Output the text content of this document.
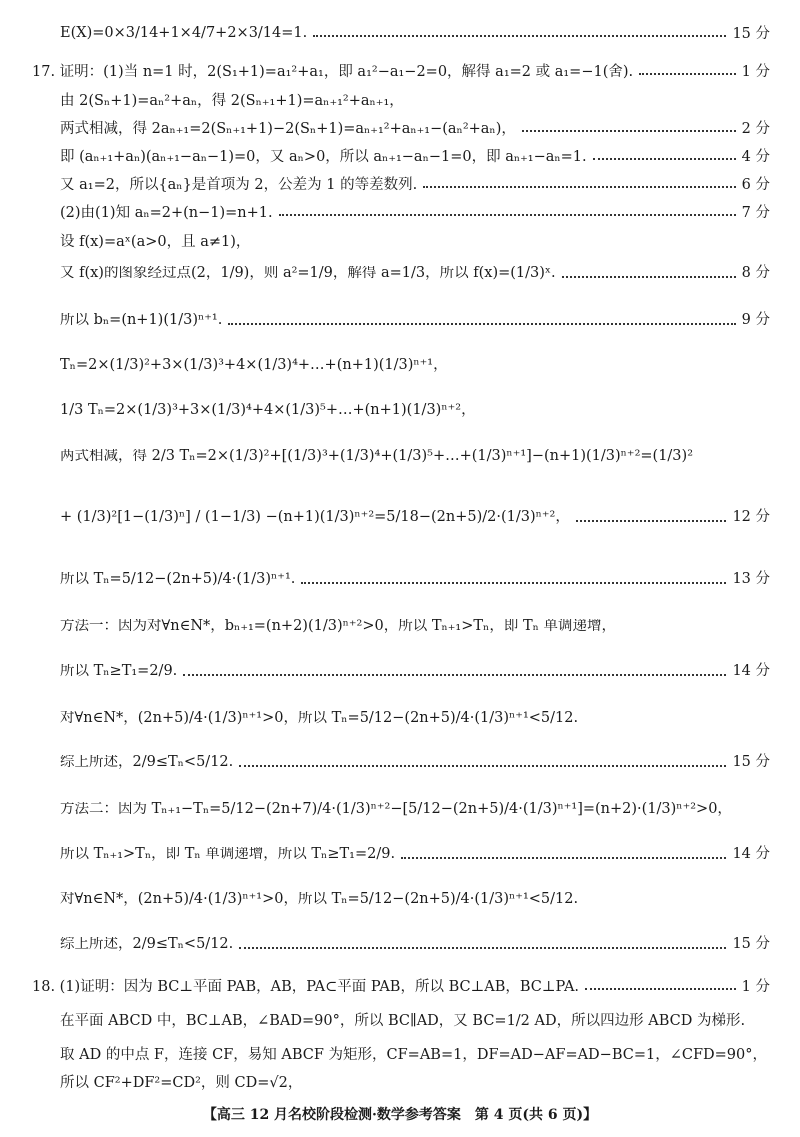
E(X)=0×3/14+1×4/7+2×3/14=1.	15 分
17. 证明：(1)当 n=1 时，2(S₁+1)=a₁²+a₁，即 a₁²−a₁−2=0，解得 a₁=2 或 a₁=−1(舍).	1 分
由 2(Sₙ+1)=aₙ²+aₙ，得 2(Sₙ₊₁+1)=aₙ₊₁²+aₙ₊₁，
两式相减，得 2aₙ₊₁=2(Sₙ₊₁+1)−2(Sₙ+1)=aₙ₊₁²+aₙ₊₁−(aₙ²+aₙ)，	2 分
即 (aₙ₊₁+aₙ)(aₙ₊₁−aₙ−1)=0，又 aₙ>0，所以 aₙ₊₁−aₙ−1=0，即 aₙ₊₁−aₙ=1.	4 分
又 a₁=2，所以{aₙ}是首项为 2，公差为 1 的等差数列.	6 分
(2)由(1)知 aₙ=2+(n−1)=n+1.	7 分
设 f(x)=aˣ(a>0，且 a≠1)，
又 f(x)的图象经过点(2，1/9)，则 a²=1/9，解得 a=1/3，所以 f(x)=(1/3)ˣ.	8 分
所以 bₙ=(n+1)(1/3)ⁿ⁺¹.	9 分
Tₙ=2×(1/3)²+3×(1/3)³+4×(1/3)⁴+…+(n+1)(1/3)ⁿ⁺¹，
1/3 Tₙ=2×(1/3)³+3×(1/3)⁴+4×(1/3)⁵+…+(n+1)(1/3)ⁿ⁺²，
两式相减，得 2/3 Tₙ=2×(1/3)²+[(1/3)³+(1/3)⁴+(1/3)⁵+…+(1/3)ⁿ⁺¹]−(n+1)(1/3)ⁿ⁺²=(1/3)²
+ (1/3)²[1−(1/3)ⁿ] / (1−1/3) −(n+1)(1/3)ⁿ⁺²=5/18−(2n+5)/2·(1/3)ⁿ⁺²，	12 分
所以 Tₙ=5/12−(2n+5)/4·(1/3)ⁿ⁺¹.	13 分
方法一：因为对∀n∈N*，bₙ₊₁=(n+2)(1/3)ⁿ⁺²>0，所以 Tₙ₊₁>Tₙ，即 Tₙ 单调递增，
所以 Tₙ≥T₁=2/9.	14 分
对∀n∈N*，(2n+5)/4·(1/3)ⁿ⁺¹>0，所以 Tₙ=5/12−(2n+5)/4·(1/3)ⁿ⁺¹<5/12.
综上所述，2/9≤Tₙ<5/12.	15 分
方法二：因为 Tₙ₊₁−Tₙ=5/12−(2n+7)/4·(1/3)ⁿ⁺²−[5/12−(2n+5)/4·(1/3)ⁿ⁺¹]=(n+2)·(1/3)ⁿ⁺²>0，
所以 Tₙ₊₁>Tₙ，即 Tₙ 单调递增，所以 Tₙ≥T₁=2/9.	14 分
对∀n∈N*，(2n+5)/4·(1/3)ⁿ⁺¹>0，所以 Tₙ=5/12−(2n+5)/4·(1/3)ⁿ⁺¹<5/12.
综上所述，2/9≤Tₙ<5/12.	15 分
18. (1)证明：因为 BC⊥平面 PAB，AB，PA⊂平面 PAB，所以 BC⊥AB，BC⊥PA.	1 分
在平面 ABCD 中，BC⊥AB，∠BAD=90°，所以 BC∥AD，又 BC=1/2 AD，所以四边形 ABCD 为梯形.
取 AD 的中点 F，连接 CF，易知 ABCF 为矩形，CF=AB=1，DF=AD−AF=AD−BC=1，∠CFD=90°，
所以 CF²+DF²=CD²，则 CD=√2，
【高三 12 月名校阶段检测·数学参考答案　第 4 页(共 6 页)】
